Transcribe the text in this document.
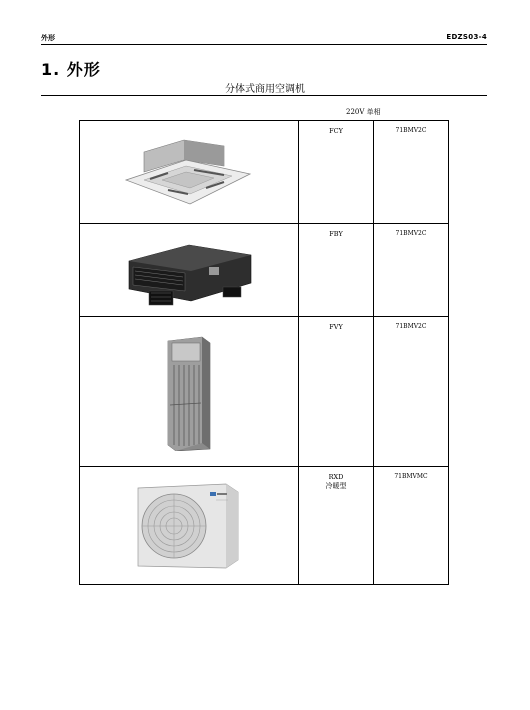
外形	EDZS03-4
1. 外形
分体式商用空调机
220V 单相
	FCY	71BMV2C

	FBY	71BMV2C

	FVY	71BMV2C

	RXD
冷暖型	71BMVMC
